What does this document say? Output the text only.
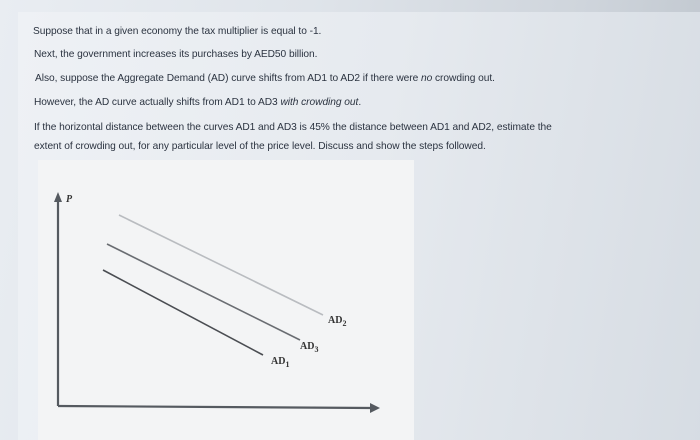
Suppose that in a given economy the tax multiplier is equal to -1.
Next, the government increases its purchases by AED50 billion.
Also, suppose the Aggregate Demand (AD) curve shifts from AD1 to AD2 if there were no crowding out.
However, the AD curve actually shifts from AD1 to AD3 with crowding out.
If the horizontal distance between the curves AD1 and AD3 is 45% the distance between AD1 and AD2, estimate the
extent of crowding out, for any particular level of the price level. Discuss and show the steps followed.
P
$AD_2$
$AD_3$
$AD_1$
